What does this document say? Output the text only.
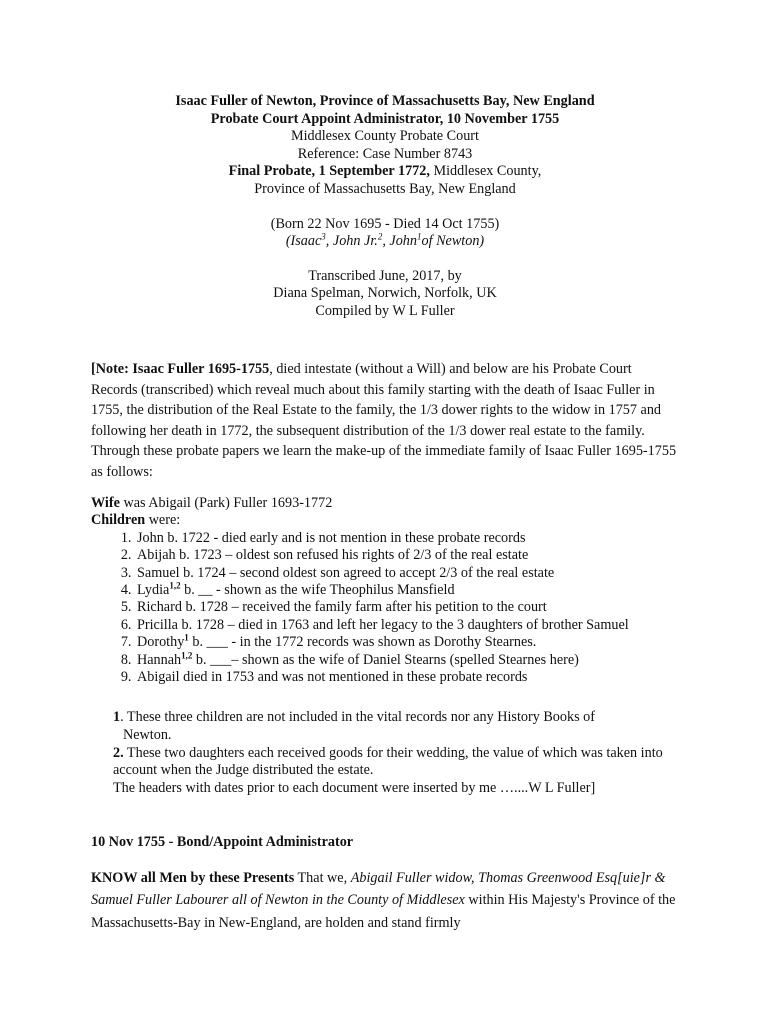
Isaac Fuller of Newton, Province of Massachusetts Bay, New England
Probate Court Appoint Administrator, 10 November 1755
Middlesex County Probate Court
Reference: Case Number 8743
Final Probate, 1 September 1772, Middlesex County,
Province of Massachusetts Bay, New England
(Born 22 Nov 1695 - Died 14 Oct 1755)
(Isaac$^3$, John Jr.$^2$, John$^1$of Newton)
Transcribed June, 2017, by
Diana Spelman, Norwich, Norfolk, UK
Compiled by W L Fuller
[Note: Isaac Fuller 1695-1755, died intestate (without a Will) and below are his Probate Court Records (transcribed) which reveal much about this family starting with the death of Isaac Fuller in 1755, the distribution of the Real Estate to the family, the 1/3 dower rights to the widow in 1757 and following her death in 1772, the subsequent distribution of the 1/3 dower real estate to the family. Through these probate papers we learn the make-up of the immediate family of Isaac Fuller 1695-1755 as follows:
Wife was Abigail (Park) Fuller 1693-1772
Children were:
1. John b. 1722 - died early and is not mention in these probate records
2. Abijah b. 1723 – oldest son refused his rights of 2/3 of the real estate
3. Samuel b. 1724 – second oldest son agreed to accept 2/3 of the real estate
4. Lydia$^{1,2}$ b. __ - shown as the wife Theophilus Mansfield
5. Richard b. 1728 – received the family farm after his petition to the court
6. Pricilla b. 1728 – died in 1763 and left her legacy to the 3 daughters of brother Samuel
7. Dorothy$^1$ b. ___ - in the 1772 records was shown as Dorothy Stearnes.
8. Hannah$^{1,2}$ b. ___– shown as the wife of Daniel Stearns (spelled Stearnes here)
9. Abigail died in 1753 and was not mentioned in these probate records
1. These three children are not included in the vital records nor any History Books of
Newton.
2. These two daughters each received goods for their wedding, the value of which was taken into account when the Judge distributed the estate.
The headers with dates prior to each document were inserted by me …....W L Fuller]
10 Nov 1755 - Bond/Appoint Administrator
KNOW all Men by these Presents That we, Abigail Fuller widow, Thomas Greenwood Esq[uie]r & Samuel Fuller Labourer all of Newton in the County of Middlesex within His Majesty's Province of the Massachusetts-Bay in New-England, are holden and stand firmly
